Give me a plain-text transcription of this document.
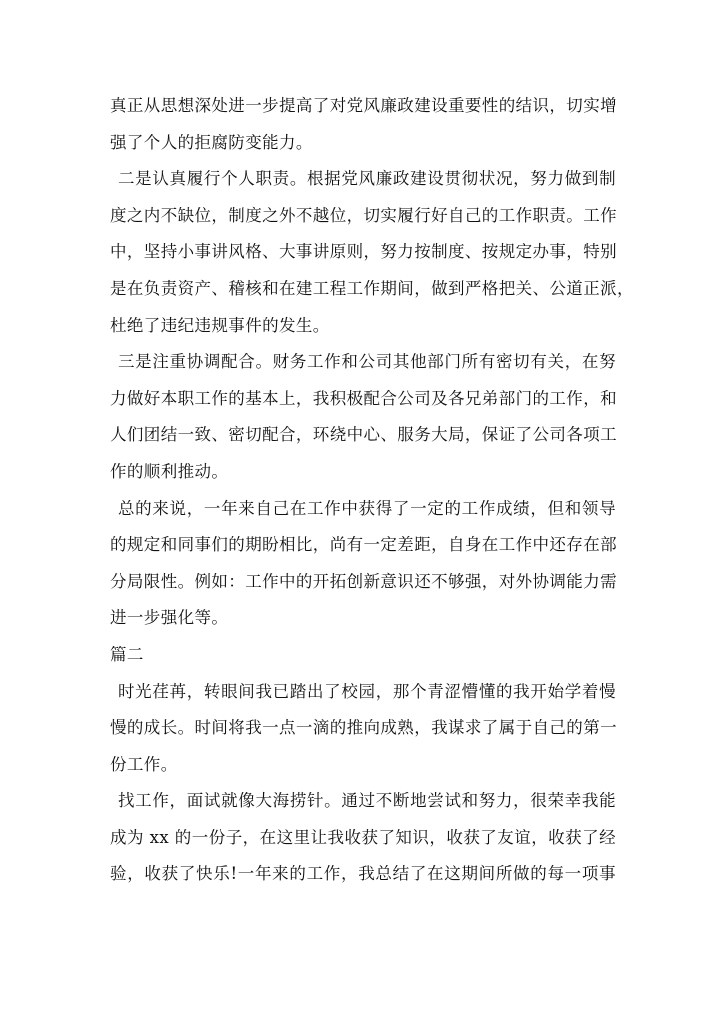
真正从思想深处进一步提高了对党风廉政建设重要性的结识，切实增
强了个人的拒腐防变能力。
二是认真履行个人职责。根据党风廉政建设贯彻状况，努力做到制
度之内不缺位，制度之外不越位，切实履行好自己的工作职责。工作
中，坚持小事讲风格、大事讲原则，努力按制度、按规定办事，特别
是在负责资产、稽核和在建工程工作期间，做到严格把关、公道正派，
杜绝了违纪违规事件的发生。
三是注重协调配合。财务工作和公司其他部门所有密切有关，在努
力做好本职工作的基本上，我积极配合公司及各兄弟部门的工作，和
人们团结一致、密切配合，环绕中心、服务大局，保证了公司各项工
作的顺利推动。
总的来说，一年来自己在工作中获得了一定的工作成绩，但和领导
的规定和同事们的期盼相比，尚有一定差距，自身在工作中还存在部
分局限性。例如：工作中的开拓创新意识还不够强，对外协调能力需
进一步强化等。
篇二
时光荏苒，转眼间我已踏出了校园，那个青涩懵懂的我开始学着慢
慢的成长。时间将我一点一滴的推向成熟，我谋求了属于自己的第一
份工作。
找工作，面试就像大海捞针。通过不断地尝试和努力，很荣幸我能
成为 xx 的一份子，在这里让我收获了知识，收获了友谊，收获了经
验，收获了快乐!一年来的工作，我总结了在这期间所做的每一项事
